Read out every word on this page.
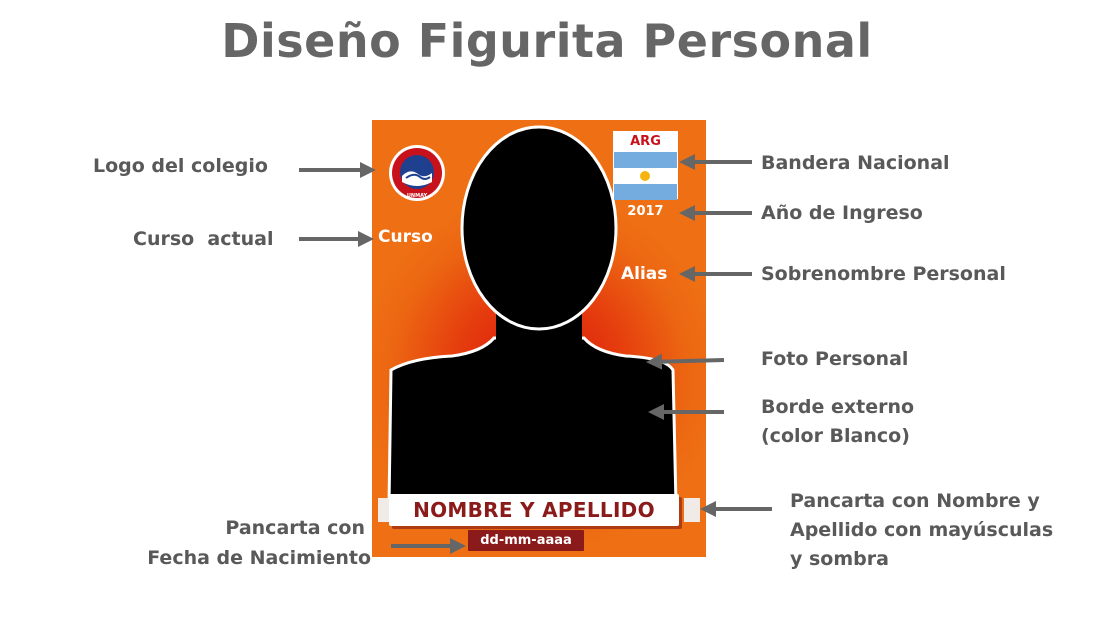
Diseño Figurita Personal
UNMAY
Curso
ARG
2017
Alias
NOMBRE Y APELLIDO
dd-mm-aaaa
Logo del colegio
Curso  actual
Bandera Nacional
Año de Ingreso
Sobrenombre Personal
Foto Personal
Borde externo
(color Blanco)
Pancarta con Nombre y
Apellido con mayúsculas
y sombra
Pancarta con
Fecha de Nacimiento
